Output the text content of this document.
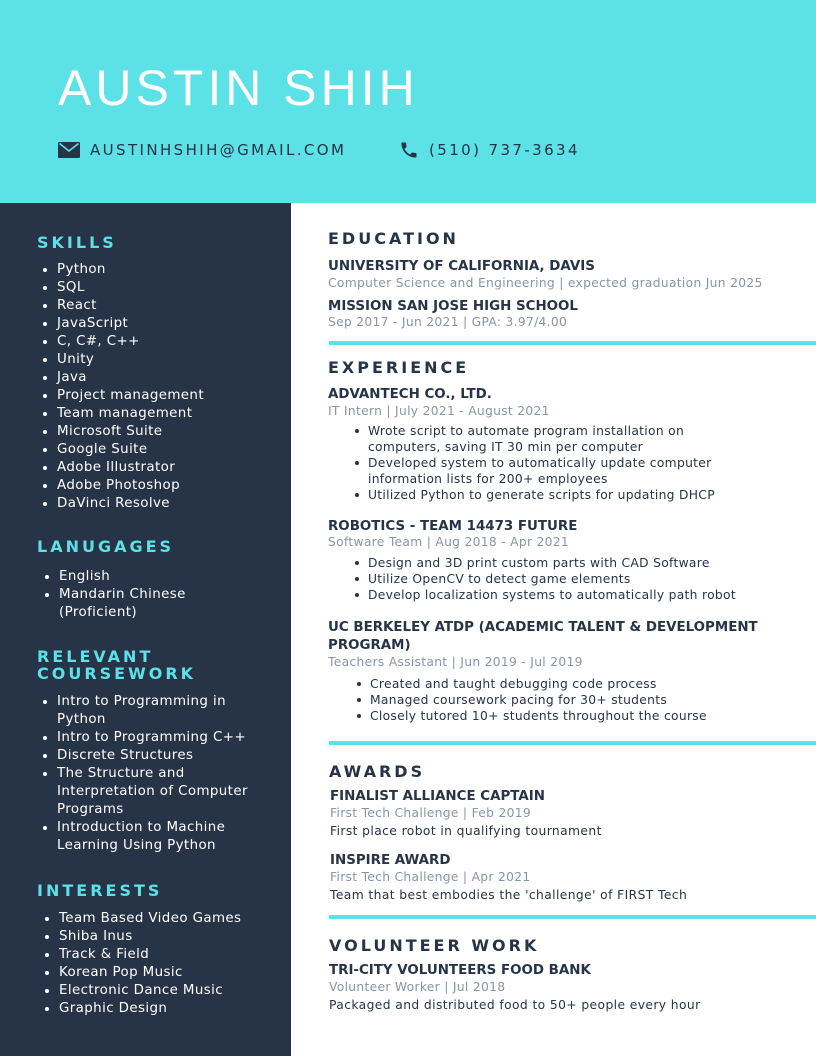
AUSTIN SHIH
AUSTINHSHIH@GMAIL.COM	(510) 737-3634
SKILLS
Python
SQL
React
JavaScript
C, C#, C++
Unity
Java
Project management
Team management
Microsoft Suite
Google Suite
Adobe Illustrator
Adobe Photoshop
DaVinci Resolve
LANUGAGES
English
Mandarin Chinese
(Proficient)
RELEVANT
COURSEWORK
Intro to Programming in
Python
Intro to Programming C++
Discrete Structures
The Structure and
Interpretation of Computer
Programs
Introduction to Machine
Learning Using Python
INTERESTS
Team Based Video Games
Shiba Inus
Track & Field
Korean Pop Music
Electronic Dance Music
Graphic Design
EDUCATION
UNIVERSITY OF CALIFORNIA, DAVIS
Computer Science and Engineering | expected graduation Jun 2025
MISSION SAN JOSE HIGH SCHOOL
Sep 2017 - Jun 2021 | GPA: 3.97/4.00
EXPERIENCE
ADVANTECH CO., LTD.
IT Intern | July 2021 - August 2021
Wrote script to automate program installation on
computers, saving IT 30 min per computer
Developed system to automatically update computer
information lists for 200+ employees
Utilized Python to generate scripts for updating DHCP
ROBOTICS - TEAM 14473 FUTURE
Software Team | Aug 2018 - Apr 2021
Design and 3D print custom parts with CAD Software
Utilize OpenCV to detect game elements
Develop localization systems to automatically path robot
UC BERKELEY ATDP (ACADEMIC TALENT & DEVELOPMENT
PROGRAM)
Teachers Assistant | Jun 2019 - Jul 2019
Created and taught debugging code process
Managed coursework pacing for 30+ students
Closely tutored 10+ students throughout the course
AWARDS
FINALIST ALLIANCE CAPTAIN
First Tech Challenge | Feb 2019
First place robot in qualifying tournament
INSPIRE AWARD
First Tech Challenge | Apr 2021
Team that best embodies the 'challenge' of FIRST Tech
VOLUNTEER WORK
TRI-CITY VOLUNTEERS FOOD BANK
Volunteer Worker | Jul 2018
Packaged and distributed food to 50+ people every hour
